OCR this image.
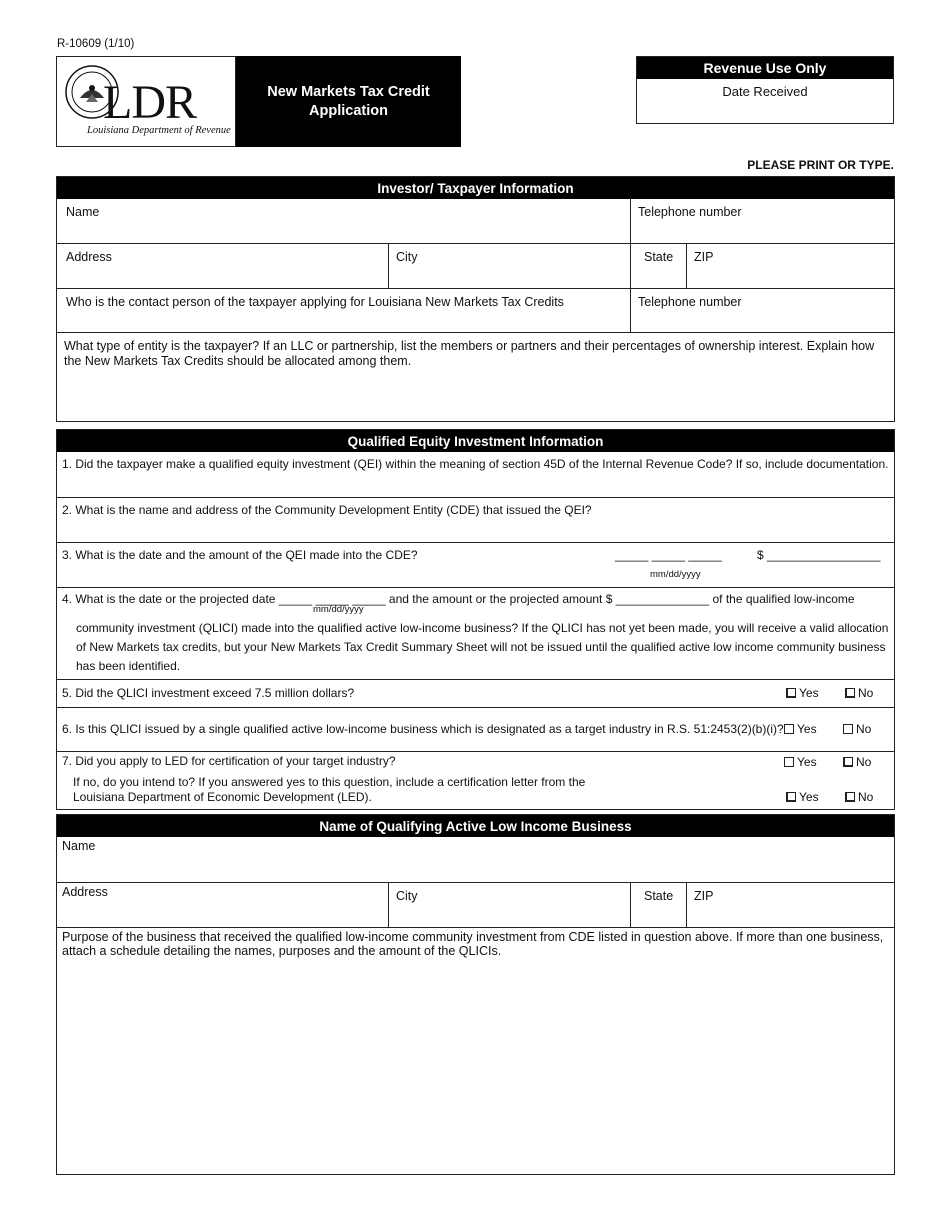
R-10609 (1/10)
LDR
Louisiana Department of Revenue
New Markets Tax Credit
Application
Revenue Use Only
Date Received
PLEASE PRINT OR TYPE.
Investor/ Taxpayer Information
Name	Telephone number
Address	City	State	ZIP
Who is the contact person of the taxpayer applying for Louisiana New Markets Tax Credits	Telephone number
What type of entity is the taxpayer? If an LLC or partnership, list the members or partners and their percentages of ownership interest. Explain how the New Markets Tax Credits should be allocated among them.
Qualified Equity Investment Information
1. Did the taxpayer make a qualified equity investment (QEI) within the meaning of section 45D of the Internal Revenue Code? If so, include documentation.
2. What is the name and address of the Community Development Entity (CDE) that issued the QEI?
3. What is the date and the amount of the QEI made into the CDE?	_____ _____ _____	$ _________________
mm/dd/yyyy
4. What is the date or the projected date _____ _____ _____ and the amount or the projected amount $ ______________ of the qualified low-income
mm/dd/yyyy
community investment (QLICI) made into the qualified active low-income business? If the QLICI has not yet been made, you will receive a valid allocation of New Markets tax credits, but your New Markets Tax Credit Summary Sheet will not be issued until the qualified active low income community business has been identified.
5. Did the QLICI investment exceed 7.5 million dollars?	Yes	No
6. Is this QLICI issued by a single qualified active low-income business which is designated as a target industry in R.S. 51:2453(2)(b)(i)?	Yes	No
7. Did you apply to LED for certification of your target industry?
If no, do you intend to? If you answered yes to this question, include a certification letter from the Louisiana Department of Economic Development (LED).
Yes	No
Yes	No
Name of Qualifying Active Low Income Business
Name
Address	City	State	ZIP
Purpose of the business that received the qualified low-income community investment from CDE listed in question above. If more than one business, attach a schedule detailing the names, purposes and the amount of the QLICIs.
